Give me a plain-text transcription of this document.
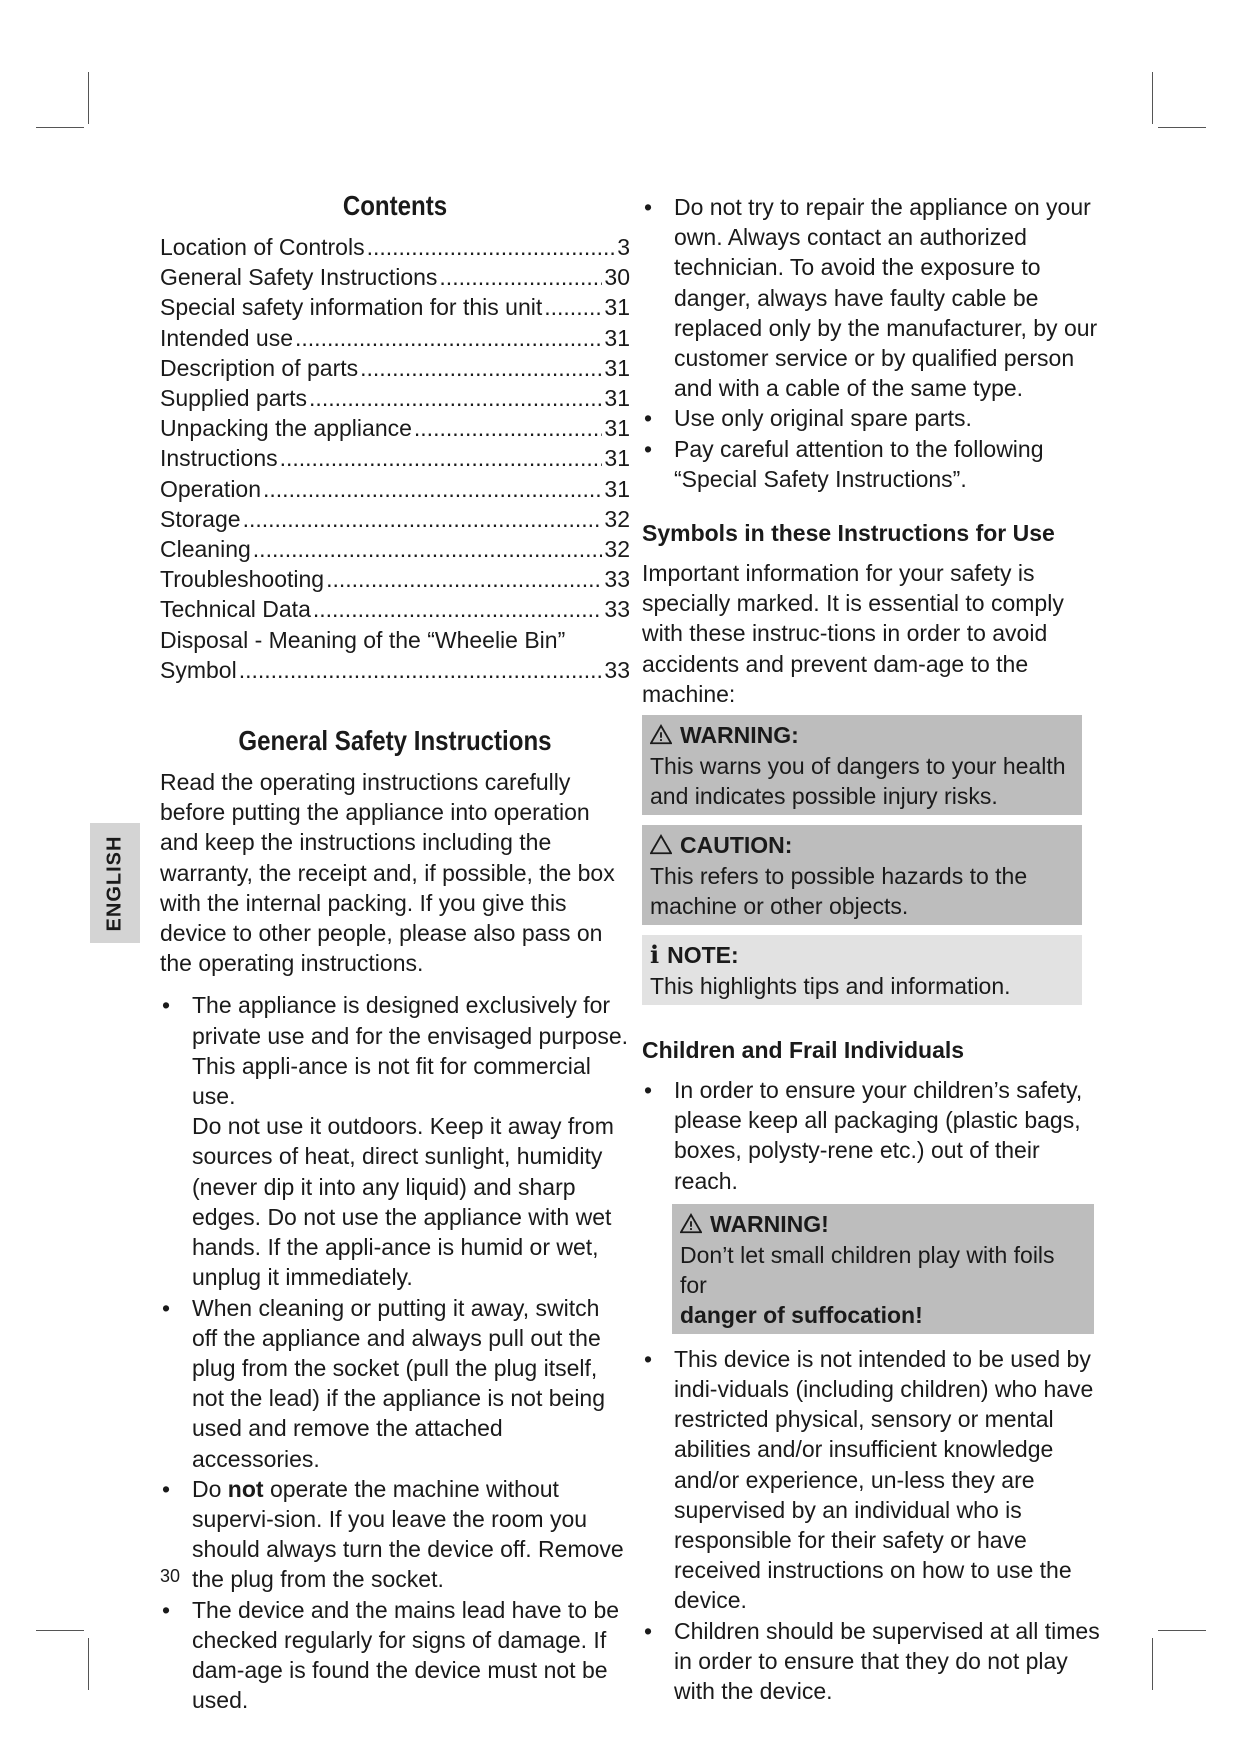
ENGLISH
Contents
Location of Controls .....	3
General Safety Instructions .....	30
Special safety information for this unit .....	31
Intended use .....	31
Description of parts .....	31
Supplied parts .....	31
Unpacking the appliance .....	31
Instructions .....	31
Operation .....	31
Storage .....	32
Cleaning .....	32
Troubleshooting .....	33
Technical Data .....	33
Disposal - Meaning of the “Wheelie Bin”
Symbol .....	33
General Safety Instructions

Read the operating instructions carefully before putting the appliance into operation and keep the instructions including the warranty, the receipt and, if possible, the box with the internal packing. If you give this device to other people, please also pass on the operating instructions.

• The appliance is designed exclusively for private use and for the envisaged purpose. This appli-ance is not fit for commercial use.
Do not use it outdoors. Keep it away from sources of heat, direct sunlight, humidity (never dip it into any liquid) and sharp edges. Do not use the appliance with wet hands. If the appli-ance is humid or wet, unplug it immediately.
• When cleaning or putting it away, switch off the appliance and always pull out the plug from the socket (pull the plug itself, not the lead) if the appliance is not being used and remove the attached accessories.
• Do not operate the machine without supervi-sion. If you leave the room you should always turn the device off. Remove the plug from the socket.
• The device and the mains lead have to be checked regularly for signs of damage. If dam-age is found the device must not be used.
30
• Do not try to repair the appliance on your own. Always contact an authorized technician. To avoid the exposure to danger, always have faulty cable be replaced only by the manufacturer, by our customer service or by qualified person and with a cable of the same type.
• Use only original spare parts.
• Pay careful attention to the following “Special Safety Instructions”.
Symbols in these Instructions for Use

Important information for your safety is specially marked. It is essential to comply with these instruc-tions in order to avoid accidents and prevent dam-age to the machine:

WARNING:
This warns you of dangers to your health and indicates possible injury risks.
CAUTION:
This refers to possible hazards to the machine or other objects.
i NOTE:
This highlights tips and information.
Children and Frail Individuals
• In order to ensure your children’s safety, please keep all packaging (plastic bags, boxes, polysty-rene etc.) out of their reach.
WARNING!
Don’t let small children play with foils for
danger of suffocation!
• This device is not intended to be used by indi-viduals (including children) who have restricted physical, sensory or mental abilities and/or insufficient knowledge and/or experience, un-less they are supervised by an individual who is responsible for their safety or have received instructions on how to use the device.
• Children should be supervised at all times in order to ensure that they do not play with the device.
